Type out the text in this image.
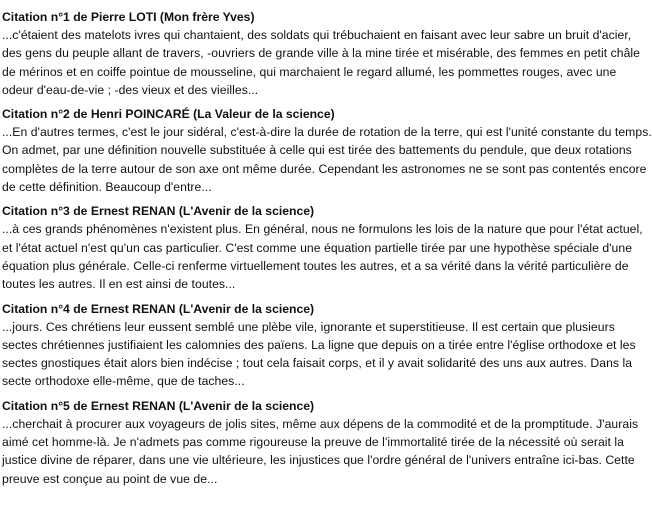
Citation n°1 de Pierre LOTI (Mon frère Yves)

...c'étaient des matelots ivres qui chantaient, des soldats qui trébuchaient en faisant avec leur sabre un bruit d'acier,
des gens du peuple allant de travers, -ouvriers de grande ville à la mine tirée et misérable, des femmes en petit châle
de mérinos et en coiffe pointue de mousseline, qui marchaient le regard allumé, les pommettes rouges, avec une
odeur d'eau-de-vie ; -des vieux et des vieilles...

Citation n°2 de Henri POINCARÉ (La Valeur de la science)

...En d'autres termes, c'est le jour sidéral, c'est-à-dire la durée de rotation de la terre, qui est l'unité constante du temps.
On admet, par une définition nouvelle substituée à celle qui est tirée des battements du pendule, que deux rotations
complètes de la terre autour de son axe ont même durée. Cependant les astronomes ne se sont pas contentés encore
de cette définition. Beaucoup d'entre...

Citation n°3 de Ernest RENAN (L'Avenir de la science)

...à ces grands phénomènes n'existent plus. En général, nous ne formulons les lois de la nature que pour l'état actuel,
et l'état actuel n'est qu'un cas particulier. C'est comme une équation partielle tirée par une hypothèse spéciale d'une
équation plus générale. Celle-ci renferme virtuellement toutes les autres, et a sa vérité dans la vérité particulière de
toutes les autres. Il en est ainsi de toutes...

Citation n°4 de Ernest RENAN (L'Avenir de la science)

...jours. Ces chrétiens leur eussent semblé une plèbe vile, ignorante et superstitieuse. Il est certain que plusieurs
sectes chrétiennes justifiaient les calomnies des païens. La ligne que depuis on a tirée entre l'église orthodoxe et les
sectes gnostiques était alors bien indécise ; tout cela faisait corps, et il y avait solidarité des uns aux autres. Dans la
secte orthodoxe elle-même, que de taches...

Citation n°5 de Ernest RENAN (L'Avenir de la science)

...cherchait à procurer aux voyageurs de jolis sites, même aux dépens de la commodité et de la promptitude. J'aurais
aimé cet homme-là. Je n'admets pas comme rigoureuse la preuve de l'immortalité tirée de la nécessité où serait la
justice divine de réparer, dans une vie ultérieure, les injustices que l'ordre général de l'univers entraîne ici-bas. Cette
preuve est conçue au point de vue de...
